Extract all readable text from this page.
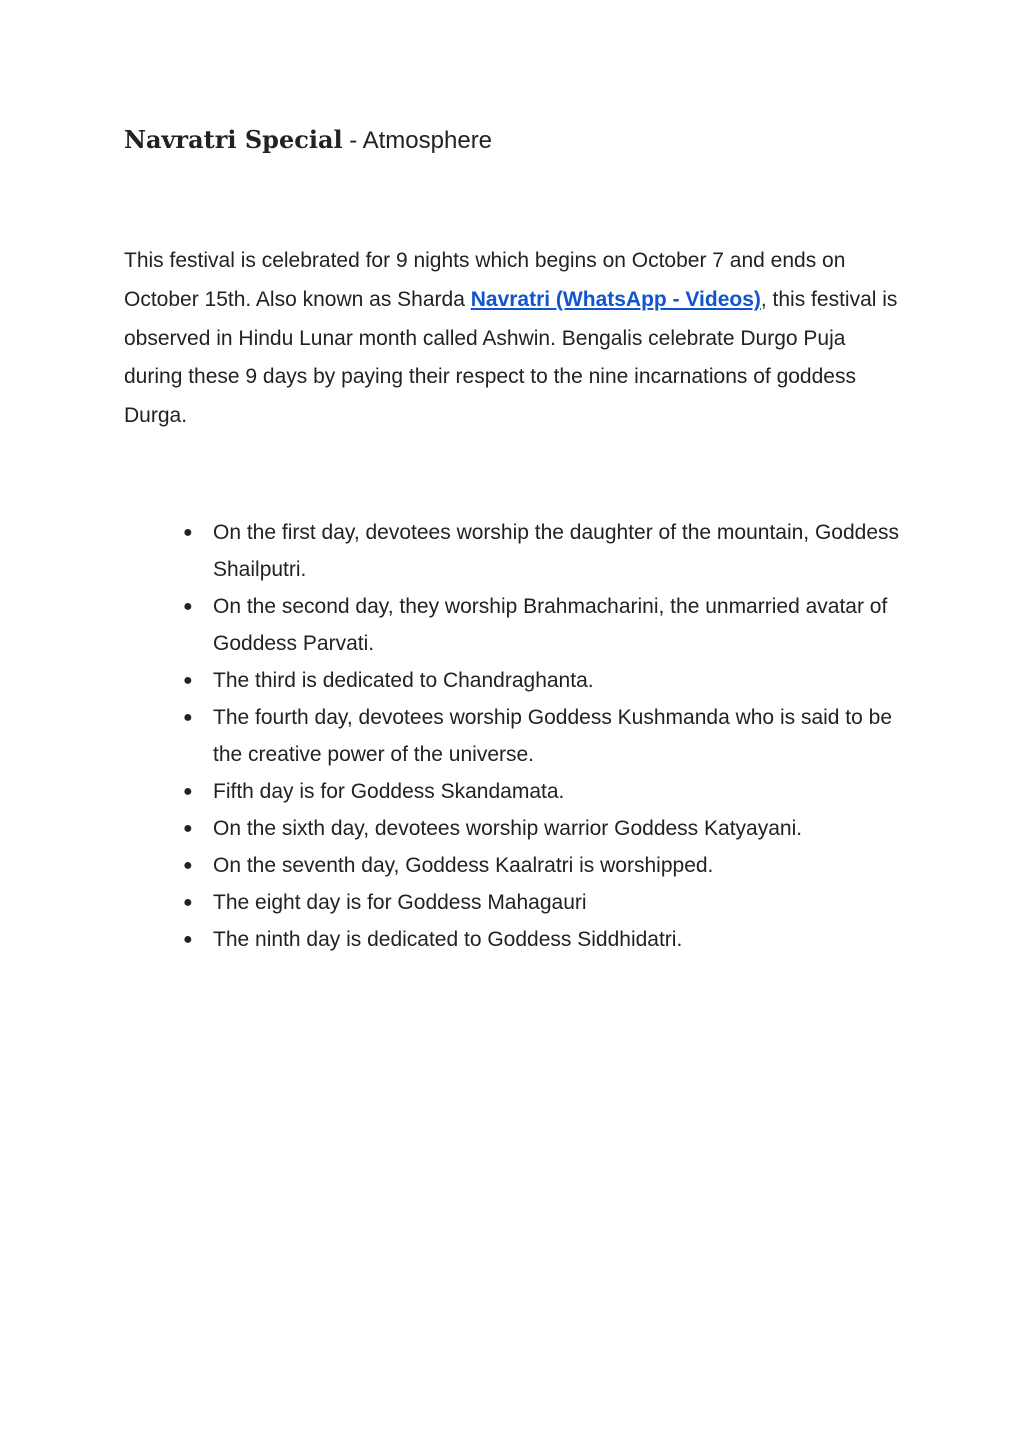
Navratri Special - Atmosphere

This festival is celebrated for 9 nights which begins on October 7 and ends on October 15th. Also known as Sharda Navratri (WhatsApp - Videos), this festival is observed in Hindu Lunar month called Ashwin. Bengalis celebrate Durgo Puja during these 9 days by paying their respect to the nine incarnations of goddess Durga.

● On the first day, devotees worship the daughter of the mountain, Goddess Shailputri.
● On the second day, they worship Brahmacharini, the unmarried avatar of Goddess Parvati.
● The third is dedicated to Chandraghanta.
● The fourth day, devotees worship Goddess Kushmanda who is said to be the creative power of the universe.
● Fifth day is for Goddess Skandamata.
● On the sixth day, devotees worship warrior Goddess Katyayani.
● On the seventh day, Goddess Kaalratri is worshipped.
● The eight day is for Goddess Mahagauri
● The ninth day is dedicated to Goddess Siddhidatri.
